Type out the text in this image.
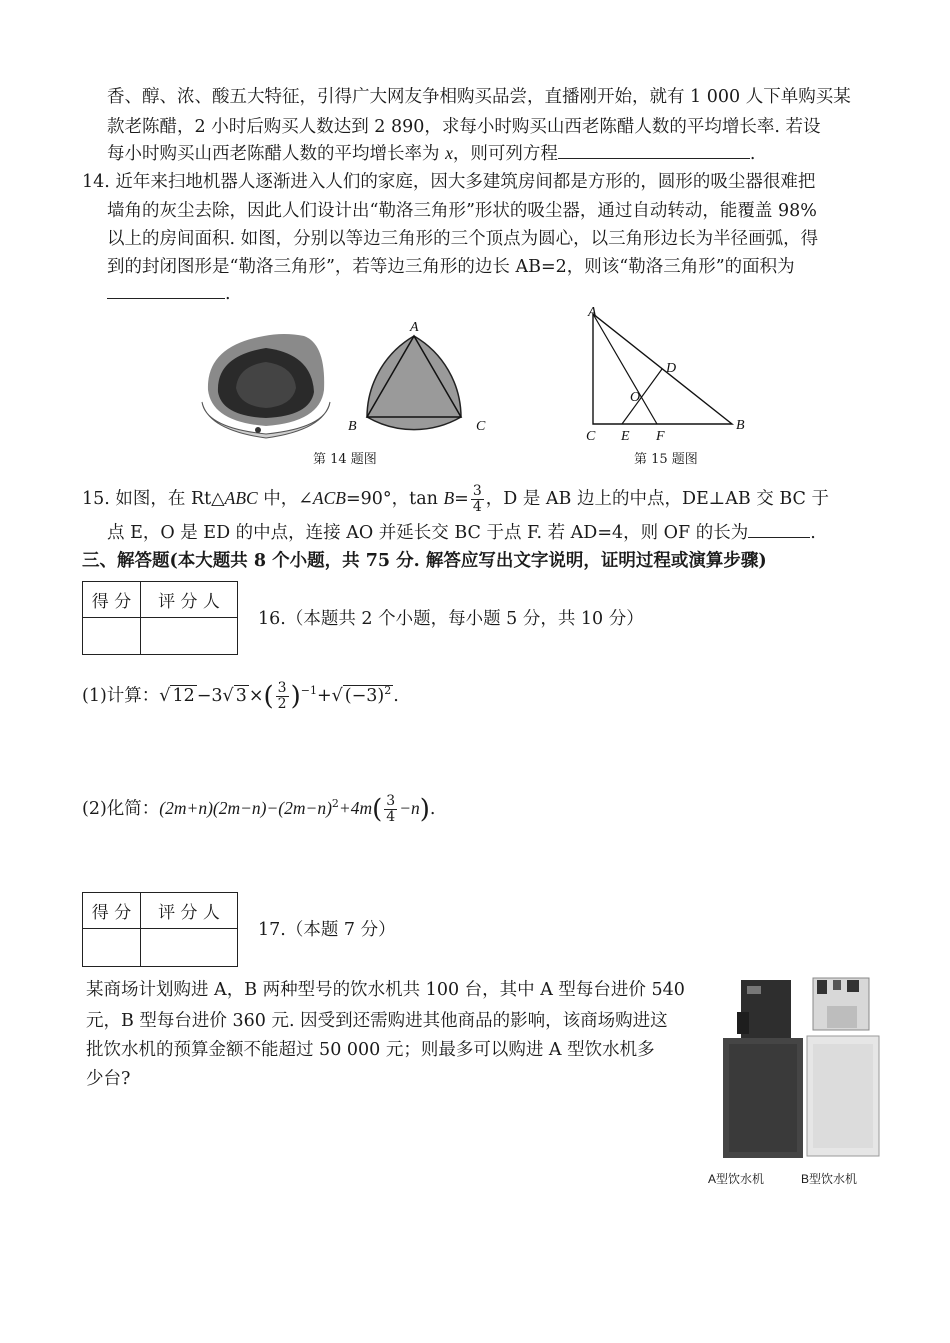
香、醇、浓、酸五大特征，引得广大网友争相购买品尝，直播刚开始，就有 1 000 人下单购买某
款老陈醋，2 小时后购买人数达到 2 890，求每小时购买山西老陈醋人数的平均增长率. 若设
每小时购买山西老陈醋人数的平均增长率为 x，则可列方程	.
14. 近年来扫地机器人逐渐进入人们的家庭，因大多建筑房间都是方形的，圆形的吸尘器很难把
墙角的灰尘去除，因此人们设计出“勒洛三角形”形状的吸尘器，通过自动转动，能覆盖 98%
以上的房间面积. 如图，分别以等边三角形的三个顶点为圆心，以三角形边长为半径画弧，得
到的封闭图形是“勒洛三角形”，若等边三角形的边长 AB=2，则该“勒洛三角形”的面积为
.
A
B	C
第 14 题图
A
D
O
B
C E F
第 15 题图
15. 如图，在 Rt△ABC 中，∠ACB=90°，$\tan B= \frac{3}{4}$ ，D 是 AB 边上的中点，DE⊥AB 交 BC 于
点 E，O 是 ED 的中点，连接 AO 并延长交 BC 于点 F. 若 AD=4，则 OF 的长为	.
三、解答题(本大题共 8 个小题，共 75 分. 解答应写出文字说明，证明过程或演算步骤)
得 分	评 分 人

16.（本题共 2 个小题，每小题 5 分，共 10 分）
(1)计算：√ 12 −3√ 3 ×( $\frac{3}{2} )^{-1}+√$ $(-3)^2$ .
(2)化简：$(2m+n)(2m-n)-(2m-n)^2+4m( \frac{3}{4} -n)$.
得 分	评 分 人

17.（本题 7 分）
某商场计划购进 A，B 两种型号的饮水机共 100 台，其中 A 型每台进价 540
元，B 型每台进价 360 元. 因受到还需购进其他商品的影响，该商场购进这
批饮水机的预算金额不能超过 50 000 元；则最多可以购进 A 型饮水机多
少台?
A型饮水机	B型饮水机
